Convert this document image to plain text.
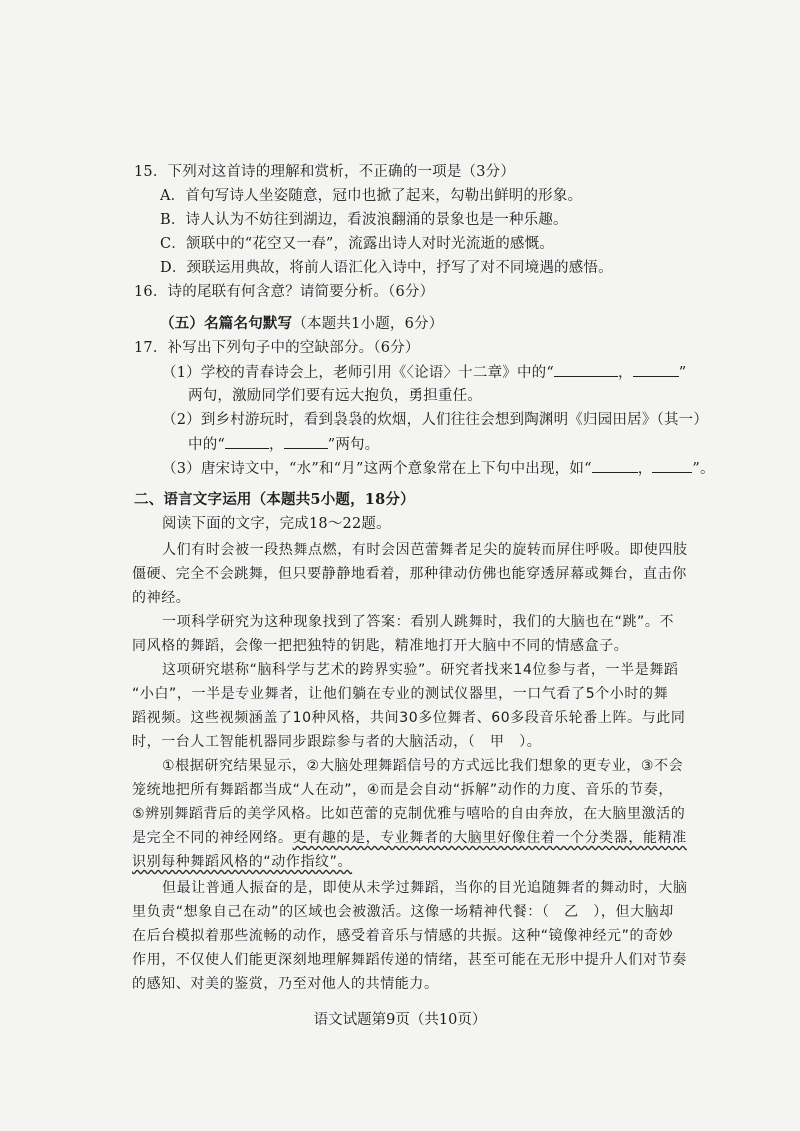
15．下列对这首诗的理解和赏析，不正确的一项是（3分）
A．首句写诗人坐姿随意，冠巾也掀了起来，勾勒出鲜明的形象。
B．诗人认为不妨往到湖边，看波浪翻涌的景象也是一种乐趣。
C．颔联中的“花空又一春”，流露出诗人对时光流逝的感慨。
D．颈联运用典故，将前人语汇化入诗中，抒写了对不同境遇的感悟。
16．诗的尾联有何含意？请简要分析。（6分）
（五）名篇名句默写（本题共1小题，6分）
17．补写出下列句子中的空缺部分。（6分）
（1）学校的青春诗会上，老师引用《〈论语〉十二章》中的“	，	”
两句，激励同学们要有远大抱负，勇担重任。
（2）到乡村游玩时，看到袅袅的炊烟，人们往往会想到陶渊明《归园田居》（其一）
中的“	，	”两句。
（3）唐宋诗文中，“水”和“月”这两个意象常在上下句中出现，如“	，	”。
二、语言文字运用（本题共5小题，18分）
阅读下面的文字，完成18～22题。
人们有时会被一段热舞点燃，有时会因芭蕾舞者足尖的旋转而屏住呼吸。即使四肢
僵硬、完全不会跳舞，但只要静静地看着，那种律动仿佛也能穿透屏幕或舞台，直击你
的神经。
一项科学研究为这种现象找到了答案：看别人跳舞时，我们的大脑也在“跳”。不
同风格的舞蹈，会像一把把独特的钥匙，精准地打开大脑中不同的情感盒子。
这项研究堪称“脑科学与艺术的跨界实验”。研究者找来14位参与者，一半是舞蹈
“小白”，一半是专业舞者，让他们躺在专业的测试仪器里，一口气看了5个小时的舞
蹈视频。这些视频涵盖了10种风格，共间30多位舞者、60多段音乐轮番上阵。与此同
时，一台人工智能机器同步跟踪参与者的大脑活动，（　甲　）。
①根据研究结果显示，②大脑处理舞蹈信号的方式远比我们想象的更专业，③不会
笼统地把所有舞蹈都当成“人在动”，④而是会自动“拆解”动作的力度、音乐的节奏，
⑤辨别舞蹈背后的美学风格。比如芭蕾的克制优雅与嘻哈的自由奔放，在大脑里激活的
是完全不同的神经网络。更有趣的是，专业舞者的大脑里好像住着一个分类器，能精准
识别每种舞蹈风格的“动作指纹”。
但最让普通人振奋的是，即使从未学过舞蹈，当你的目光追随舞者的舞动时，大脑
里负责“想象自己在动”的区域也会被激活。这像一场精神代餐：（　乙　），但大脑却
在后台模拟着那些流畅的动作，感受着音乐与情感的共振。这种“镜像神经元”的奇妙
作用，不仅使人们能更深刻地理解舞蹈传递的情绪，甚至可能在无形中提升人们对节奏
的感知、对美的鉴赏，乃至对他人的共情能力。
语文试题第9页（共10页）
